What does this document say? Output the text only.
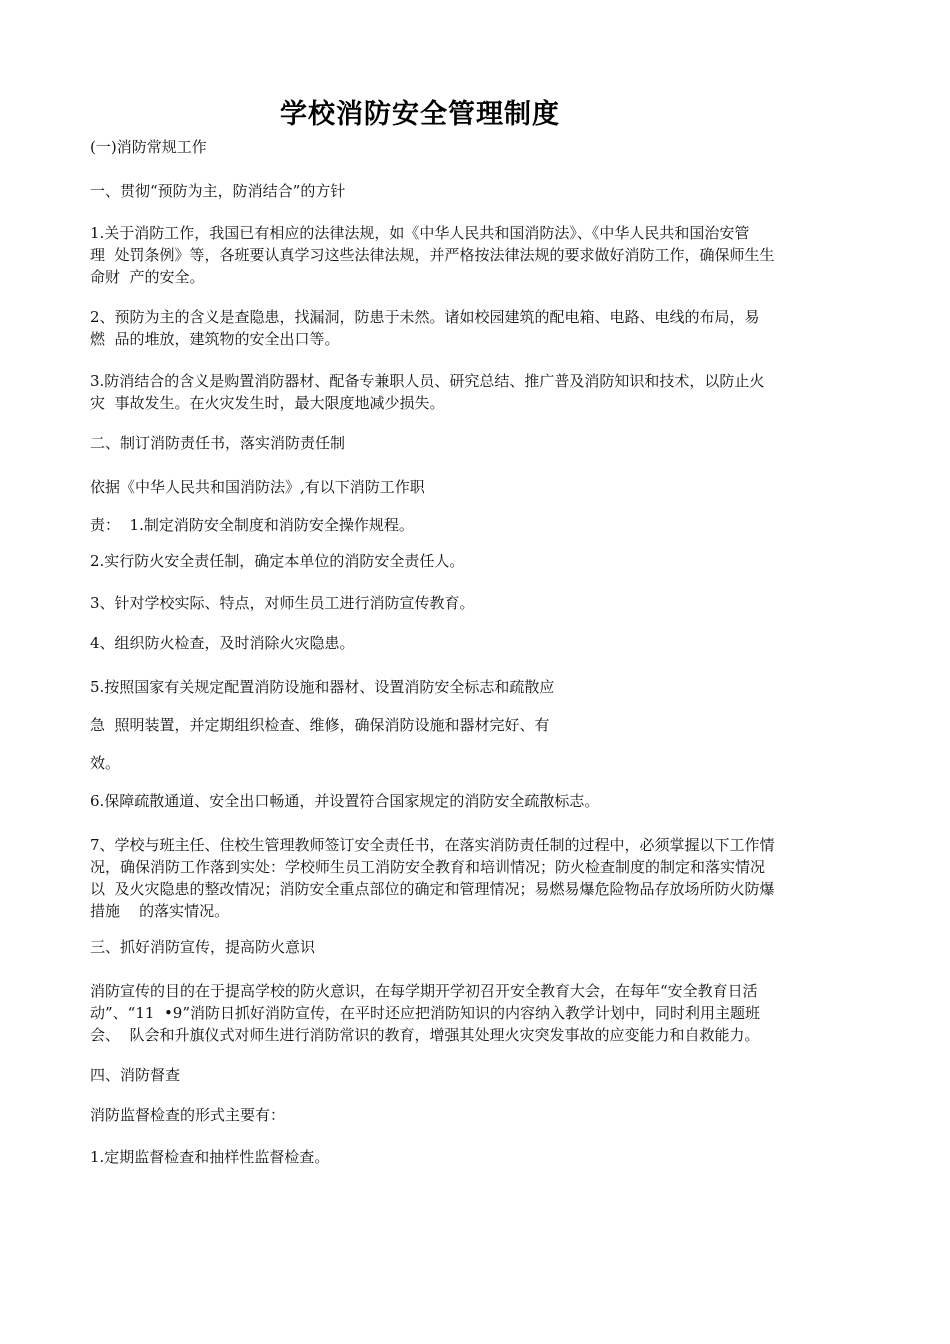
学校消防安全管理制度
(一)消防常规工作
一、贯彻“预防为主，防消结合”的方针
1.关于消防工作，我国已有相应的法律法规，如《中华人民共和国消防法》、《中华人民共和国治安管
理  处罚条例》等，各班要认真学习这些法律法规，并严格按法律法规的要求做好消防工作，确保师生生
命财  产的安全。
2、预防为主的含义是查隐患，找漏洞，防患于未然。诸如校园建筑的配电箱、电路、电线的布局，易
燃  品的堆放，建筑物的安全出口等。
3.防消结合的含义是购置消防器材、配备专兼职人员、研究总结、推广普及消防知识和技术，以防止火
灾  事故发生。在火灾发生时，最大限度地减少损失。
二、制订消防责任书，落实消防责任制
依据《中华人民共和国消防法》,有以下消防工作职
责：  1.制定消防安全制度和消防安全操作规程。
2.实行防火安全责任制，确定本单位的消防安全责任人。
3、针对学校实际、特点，对师生员工进行消防宣传教育。
4、组织防火检查，及时消除火灾隐患。
5.按照国家有关规定配置消防设施和器材、设置消防安全标志和疏散应
急  照明装置，并定期组织检查、维修，确保消防设施和器材完好、有
效。
6.保障疏散通道、安全出口畅通，并设置符合国家规定的消防安全疏散标志。
7、学校与班主任、住校生管理教师签订安全责任书，在落实消防责任制的过程中，必须掌握以下工作情
况，确保消防工作落到实处：学校师生员工消防安全教育和培训情况；防火检查制度的制定和落实情况
以  及火灾隐患的整改情况；消防安全重点部位的确定和管理情况；易燃易爆危险物品存放场所防火防爆
措施    的落实情况。
三、抓好消防宣传，提高防火意识
消防宣传的目的在于提高学校的防火意识，在每学期开学初召开安全教育大会，在每年“安全教育日活
动”、“11  •9”消防日抓好消防宣传，在平时还应把消防知识的内容纳入教学计划中，同时利用主题班
会、  队会和升旗仪式对师生进行消防常识的教育，增强其处理火灾突发事故的应变能力和自救能力。
四、消防督查
消防监督检查的形式主要有：
1.定期监督检查和抽样性监督检查。
